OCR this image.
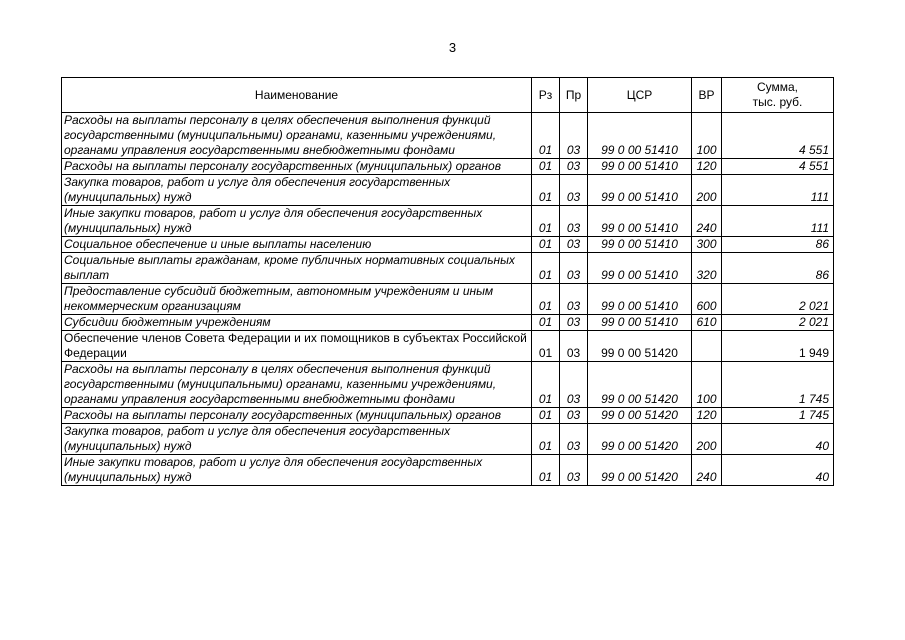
3
Наименование	Рз	Пр	ЦСР	ВР	Сумма,
тыс. руб.
Расходы на выплаты персоналу в целях обеспечения выполнения функций государственными (муниципальными) органами, казенными учреждениями, органами управления государственными внебюджетными фондами	01	03	99 0 00 51410	100	4 551
Расходы на выплаты персоналу государственных (муниципальных) органов	01	03	99 0 00 51410	120	4 551
Закупка товаров, работ и услуг для обеспечения государственных (муниципальных) нужд	01	03	99 0 00 51410	200	111
Иные закупки товаров, работ и услуг для обеспечения государственных (муниципальных) нужд	01	03	99 0 00 51410	240	111
Социальное обеспечение и иные выплаты населению	01	03	99 0 00 51410	300	86
Социальные выплаты гражданам, кроме публичных нормативных социальных выплат	01	03	99 0 00 51410	320	86
Предоставление субсидий бюджетным, автономным учреждениям и иным некоммерческим организациям	01	03	99 0 00 51410	600	2 021
Субсидии бюджетным учреждениям	01	03	99 0 00 51410	610	2 021
Обеспечение членов Совета Федерации и их помощников в субъектах Российской Федерации	01	03	99 0 00 51420		1 949
Расходы на выплаты персоналу в целях обеспечения выполнения функций государственными (муниципальными) органами, казенными учреждениями, органами управления государственными внебюджетными фондами	01	03	99 0 00 51420	100	1 745
Расходы на выплаты персоналу государственных (муниципальных) органов	01	03	99 0 00 51420	120	1 745
Закупка товаров, работ и услуг для обеспечения государственных (муниципальных) нужд	01	03	99 0 00 51420	200	40
Иные закупки товаров, работ и услуг для обеспечения государственных (муниципальных) нужд	01	03	99 0 00 51420	240	40
